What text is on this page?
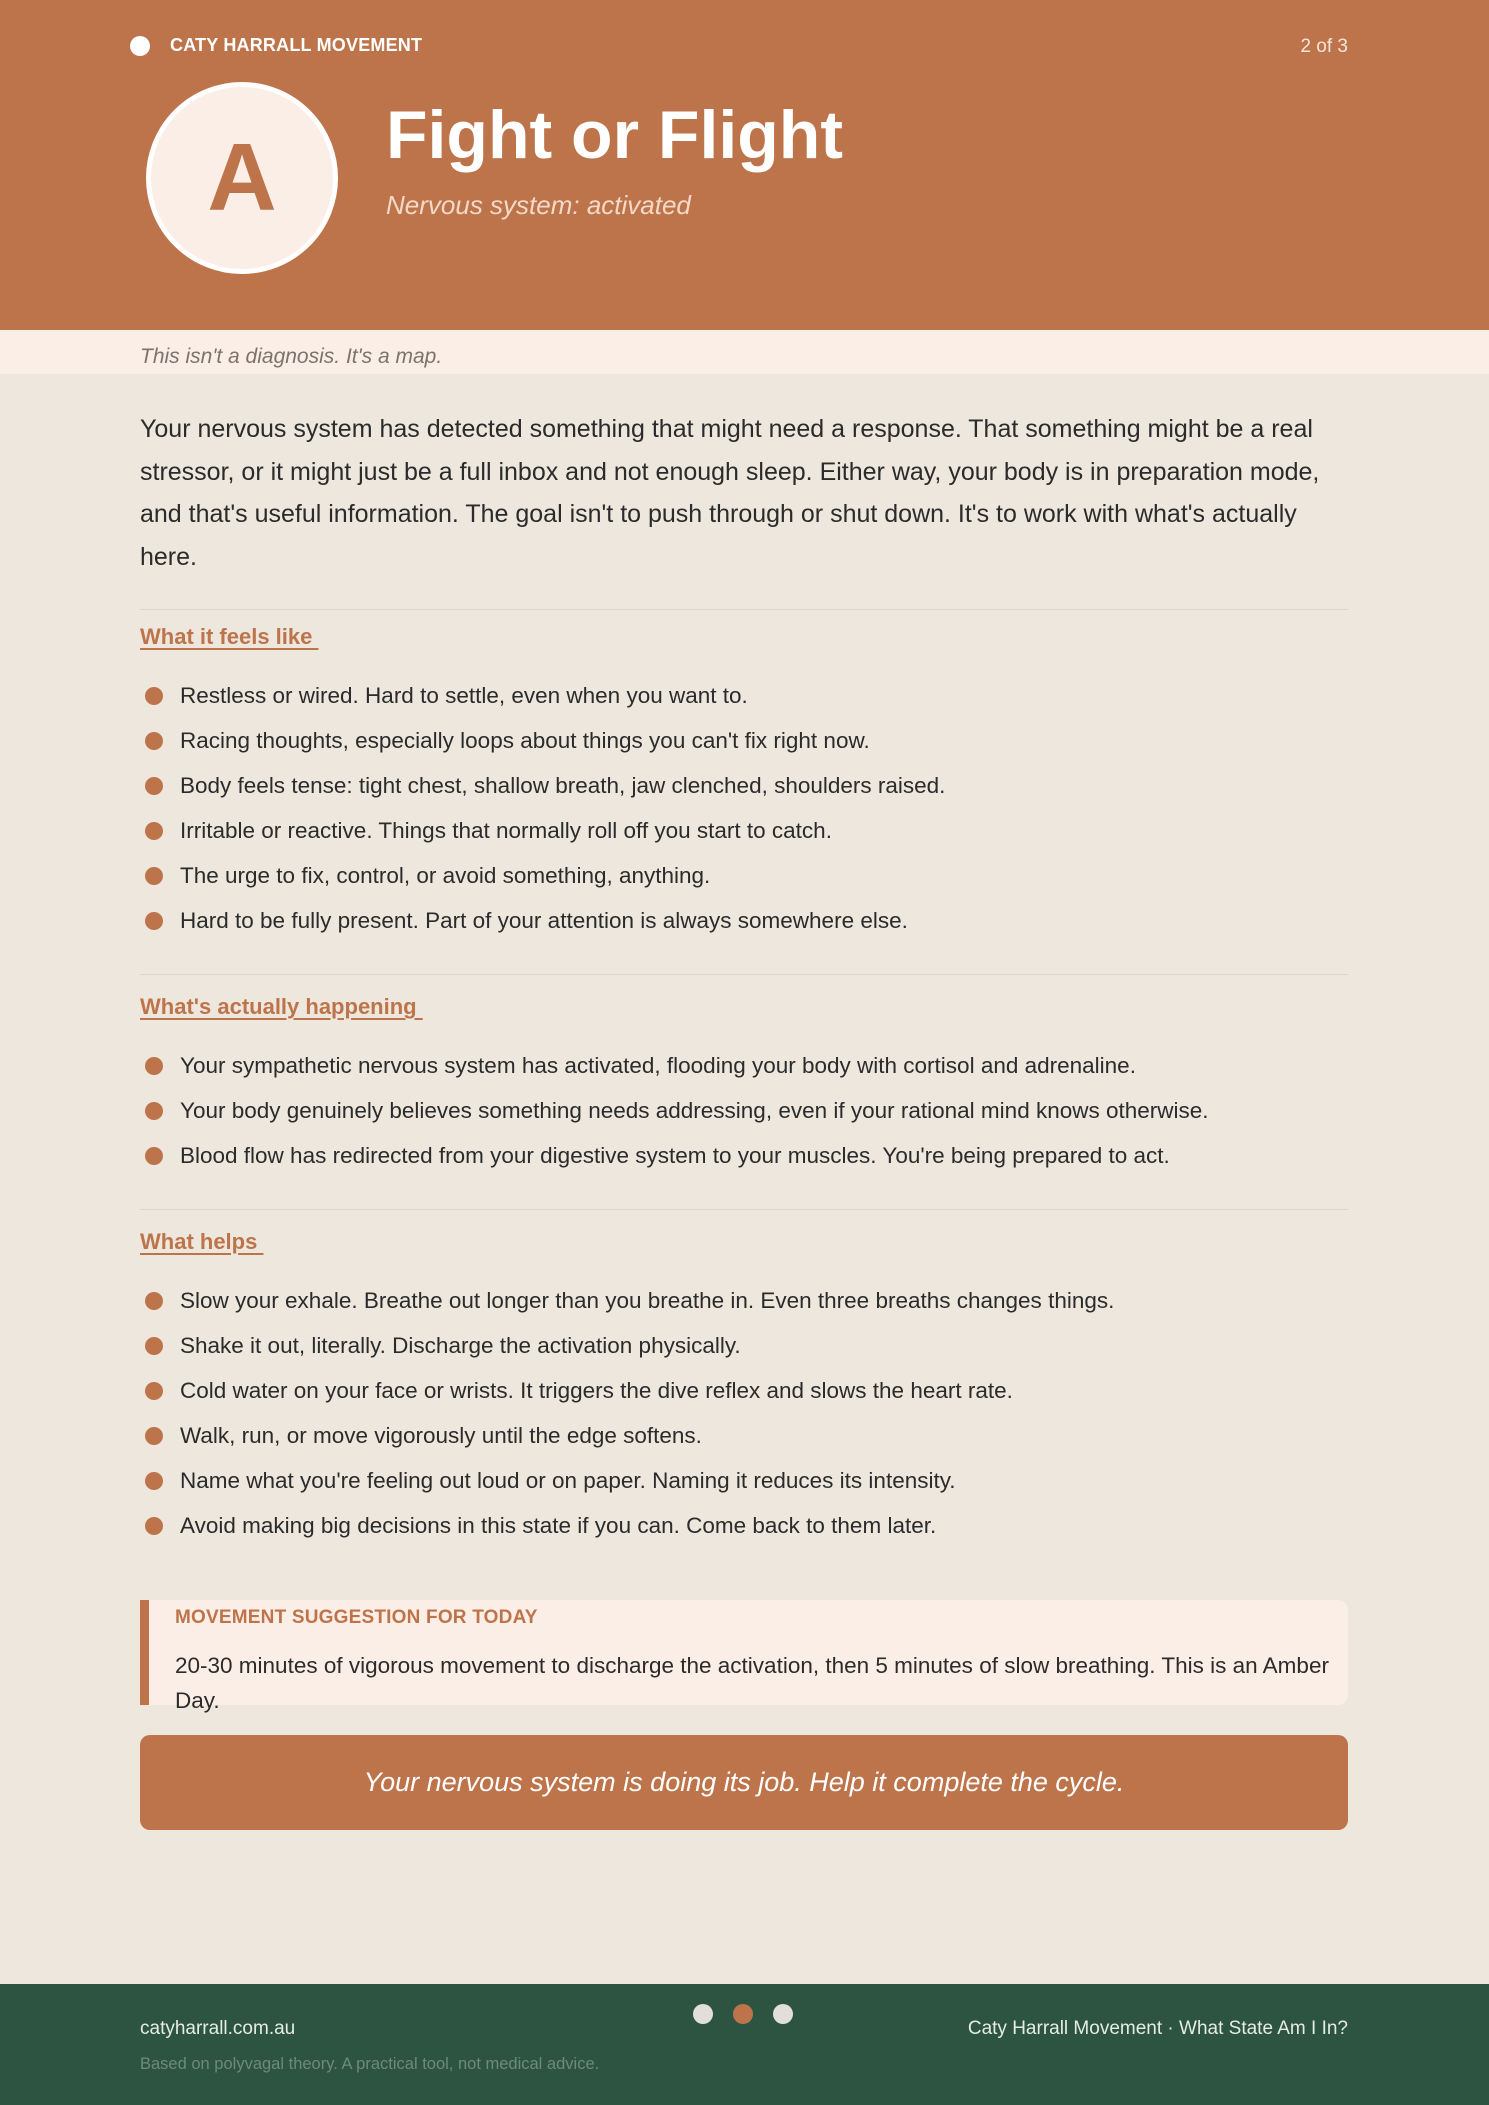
CATY HARRALL MOVEMENT	2 of 3
A	Fight or Flight
Nervous system: activated
This isn't a diagnosis. It's a map.

Your nervous system has detected something that might need a response. That something might be a real stressor, or it might just be a full inbox and not enough sleep. Either way, your body is in preparation mode, and that's useful information. The goal isn't to push through or shut down. It's to work with what's actually here.

What it feels like
Restless or wired. Hard to settle, even when you want to.
Racing thoughts, especially loops about things you can't fix right now.
Body feels tense: tight chest, shallow breath, jaw clenched, shoulders raised.
Irritable or reactive. Things that normally roll off you start to catch.
The urge to fix, control, or avoid something, anything.
Hard to be fully present. Part of your attention is always somewhere else.
What's actually happening
Your sympathetic nervous system has activated, flooding your body with cortisol and adrenaline.
Your body genuinely believes something needs addressing, even if your rational mind knows otherwise.
Blood flow has redirected from your digestive system to your muscles. You're being prepared to act.
What helps
Slow your exhale. Breathe out longer than you breathe in. Even three breaths changes things.
Shake it out, literally. Discharge the activation physically.
Cold water on your face or wrists. It triggers the dive reflex and slows the heart rate.
Walk, run, or move vigorously until the edge softens.
Name what you're feeling out loud or on paper. Naming it reduces its intensity.
Avoid making big decisions in this state if you can. Come back to them later.
MOVEMENT SUGGESTION FOR TODAY

20-30 minutes of vigorous movement to discharge the activation, then 5 minutes of slow breathing. This is an Amber Day.

Your nervous system is doing its job. Help it complete the cycle.
catyharrall.com.au
Based on polyvagal theory. A practical tool, not medical advice.
Caty Harrall Movement · What State Am I In?
